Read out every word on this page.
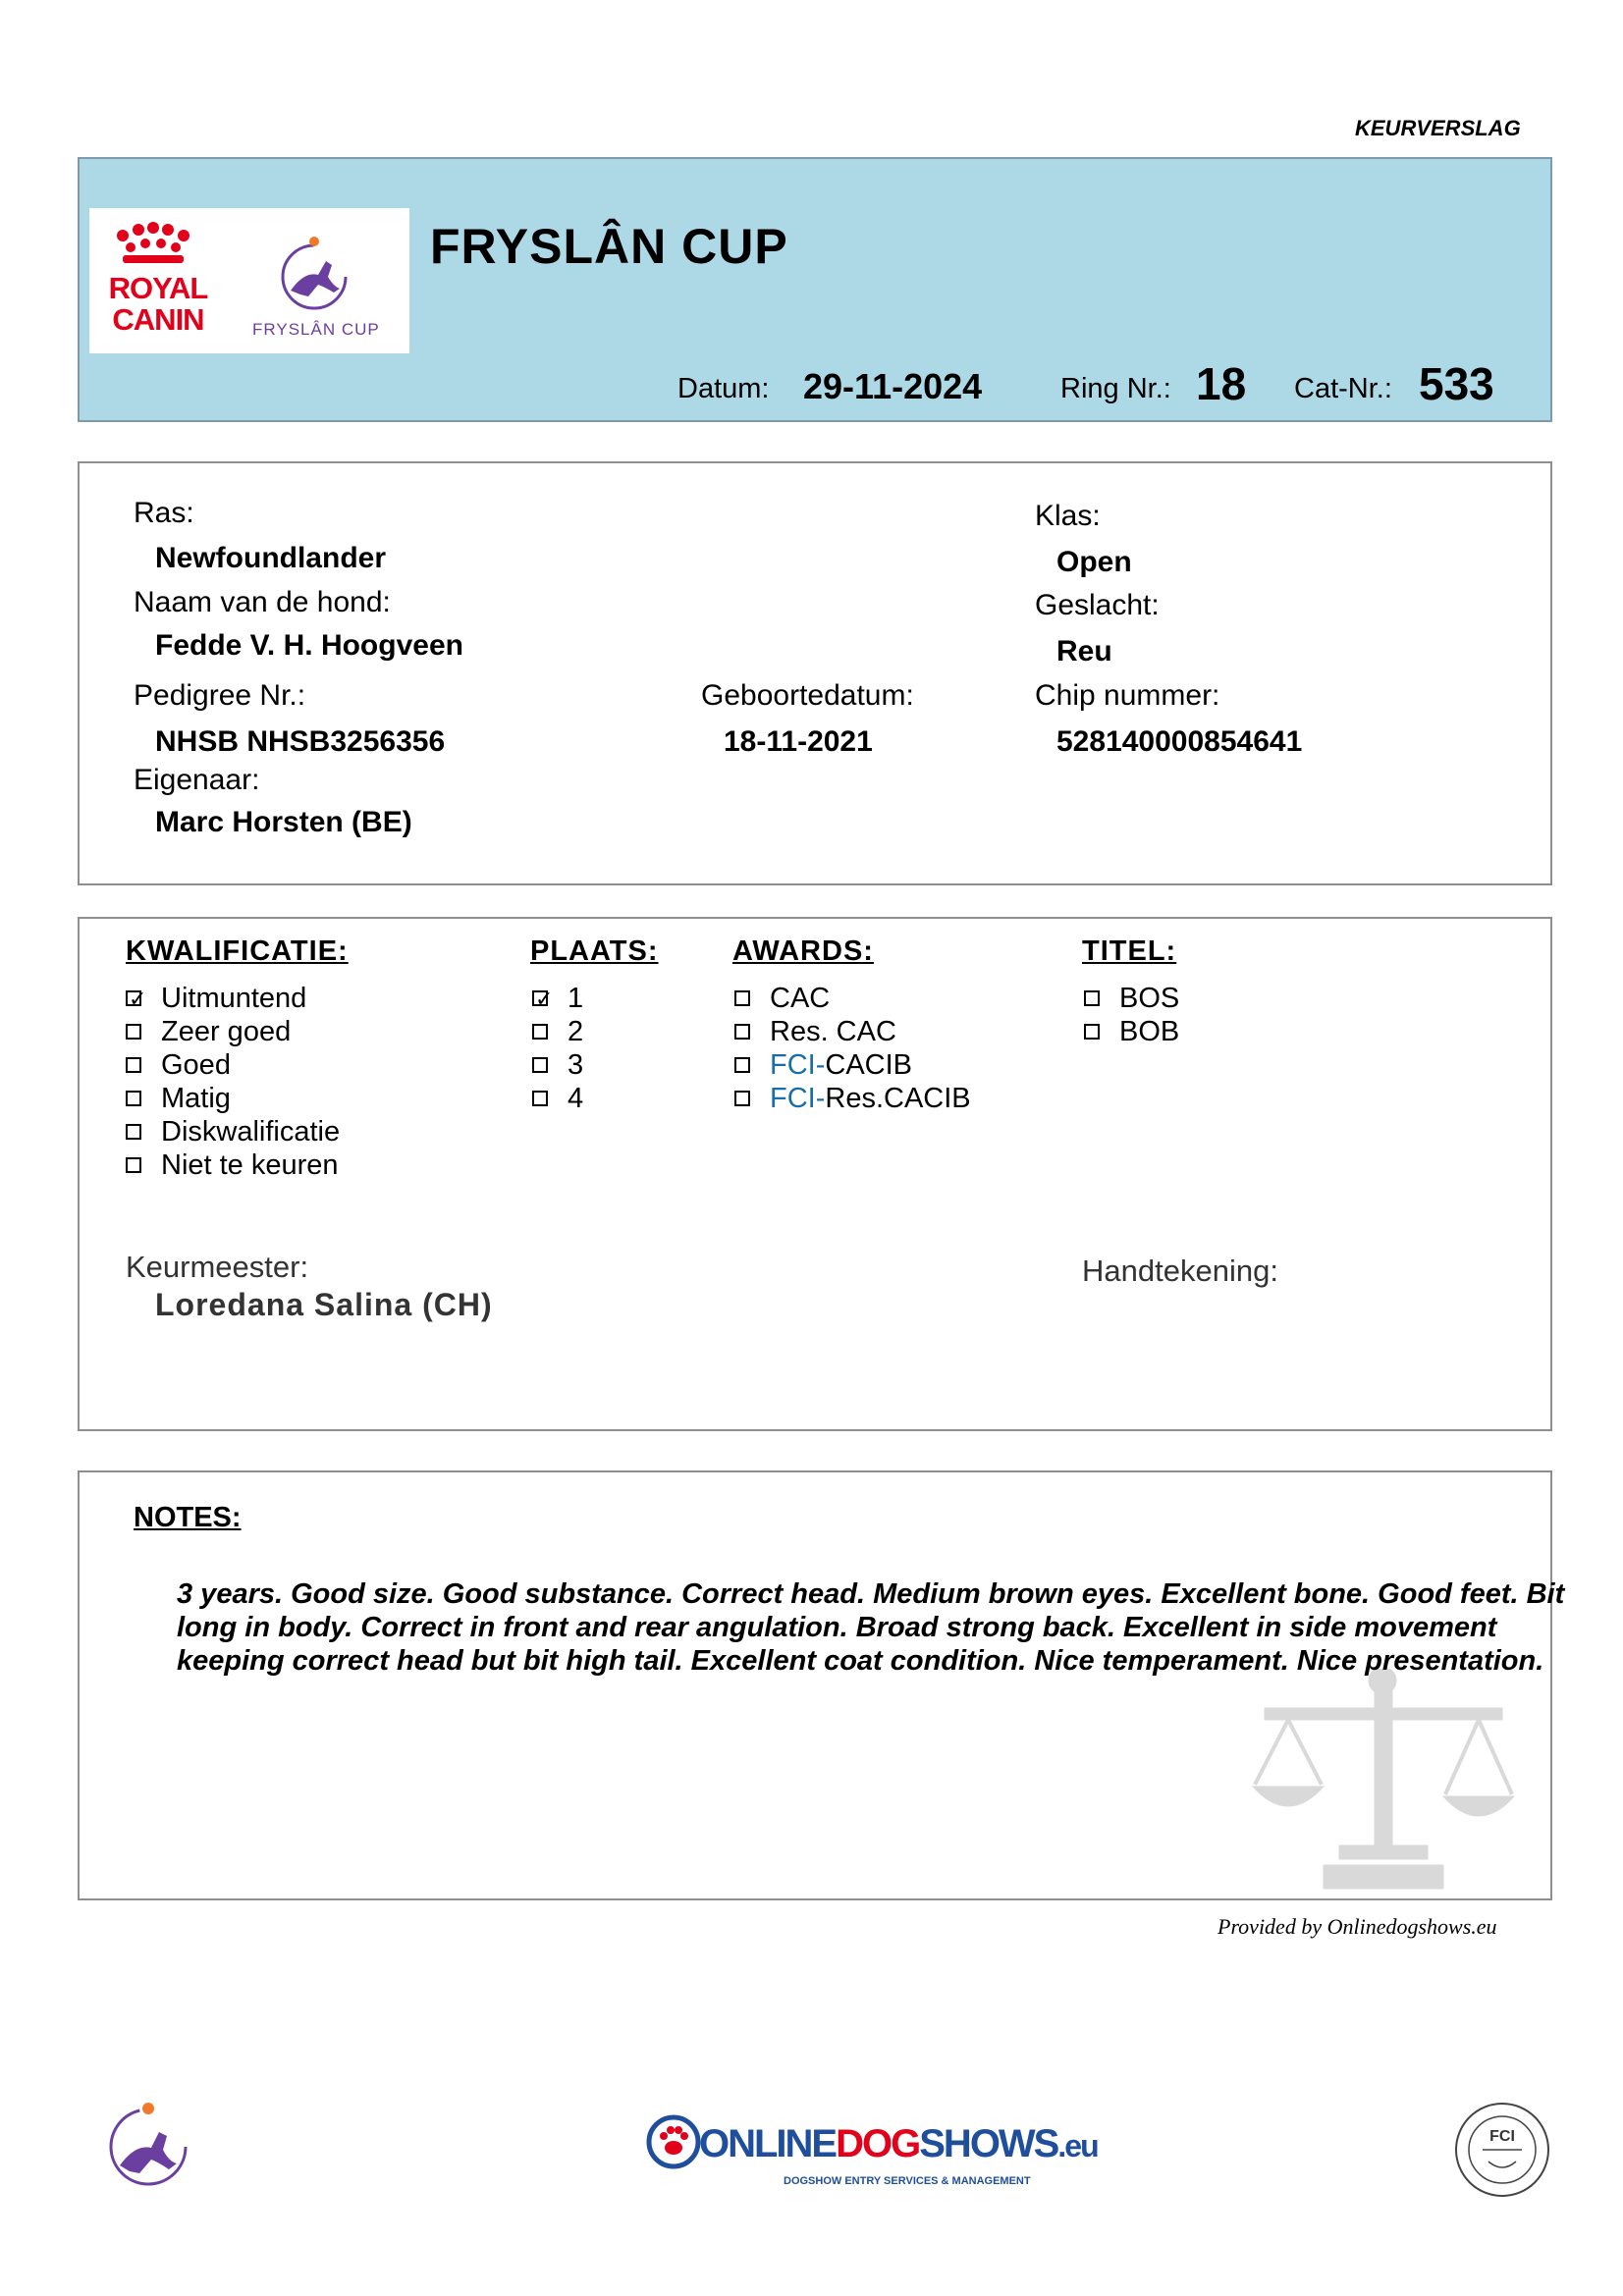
KEURVERSLAG
ROYAL CANIN	FRYSLÂN CUP
FRYSLÂN CUP
Datum: 29-11-2024	Ring Nr.: 18 Cat-Nr.: 533
Ras:
Newfoundlander
Naam van de hond:
Fedde V. H. Hoogveen
Pedigree Nr.:
NHSB NHSB3256356
Eigenaar:
Marc Horsten (BE)
Geboortedatum:
18-11-2021
Klas:
Open
Geslacht:
Reu
Chip nummer:
528140000854641
KWALIFICATIE:
✓
Uitmuntend
Zeer goed
Goed
Matig
Diskwalificatie
Niet te keuren
PLAATS:
✓
1
2
3
4
AWARDS:
CAC
Res. CAC
FCI- CACIB
FCI- Res.CACIB
TITEL:
BOS
BOB
Keurmeester:
Loredana Salina (CH)
Handtekening:
NOTES:
3 years. Good size. Good substance. Correct head. Medium brown eyes. Excellent bone. Good feet. Bit long in body. Correct in front and rear angulation. Broad strong back. Excellent in side movement keeping correct head but bit high tail. Excellent coat condition. Nice temperament. Nice presentation.
Provided by Onlinedogshows.eu
ONLINEDOGSHOWS.eu
DOGSHOW ENTRY SERVICES & MANAGEMENT
FCI
